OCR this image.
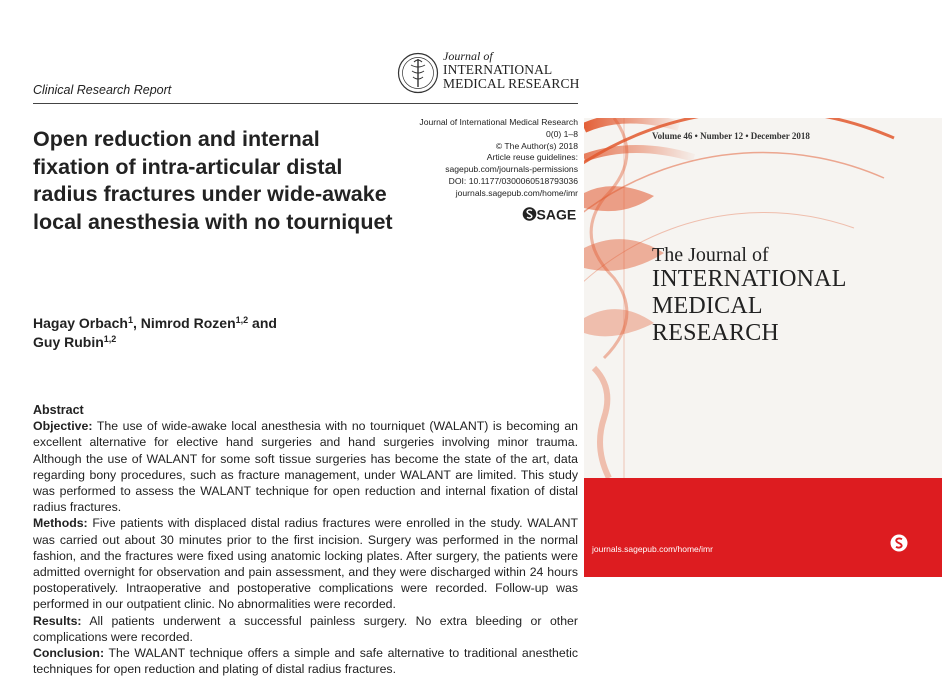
Clinical Research Report
Journal of
INTERNATIONAL
MEDICAL RESEARCH
Journal of International Medical Research
0(0) 1–8
© The Author(s) 2018
Article reuse guidelines:
sagepub.com/journals-permissions
DOI: 10.1177/0300060518793036
journals.sagepub.com/home/imr
SAGE
Open reduction and internal fixation of intra-articular distal radius fractures under wide-awake local anesthesia with no tourniquet
Hagay Orbach$^1$, Nimrod Rozen$^{1,2}$ and
Guy Rubin$^{1,2}$
Abstract

Objective: The use of wide-awake local anesthesia with no tourniquet (WALANT) is becoming an excellent alternative for elective hand surgeries and hand surgeries involving minor trauma. Although the use of WALANT for some soft tissue surgeries has become the state of the art, data regarding bony procedures, such as fracture management, under WALANT are limited. This study was performed to assess the WALANT technique for open reduction and internal fixation of distal radius fractures.

Methods: Five patients with displaced distal radius fractures were enrolled in the study. WALANT was carried out about 30 minutes prior to the first incision. Surgery was performed in the normal fashion, and the fractures were fixed using anatomic locking plates. After surgery, the patients were admitted overnight for observation and pain assessment, and they were discharged within 24 hours postoperatively. Intraoperative and postoperative complications were recorded. Follow-up was performed in our outpatient clinic. No abnormalities were recorded.

Results: All patients underwent a successful painless surgery. No extra bleeding or other complications were recorded.

Conclusion: The WALANT technique offers a simple and safe alternative to traditional anesthetic techniques for open reduction and plating of distal radius fractures.

Volume 46 • Number 12 • December 2018
The Journal of
INTERNATIONAL
MEDICAL
RESEARCH
journals.sagepub.com/home/imr
